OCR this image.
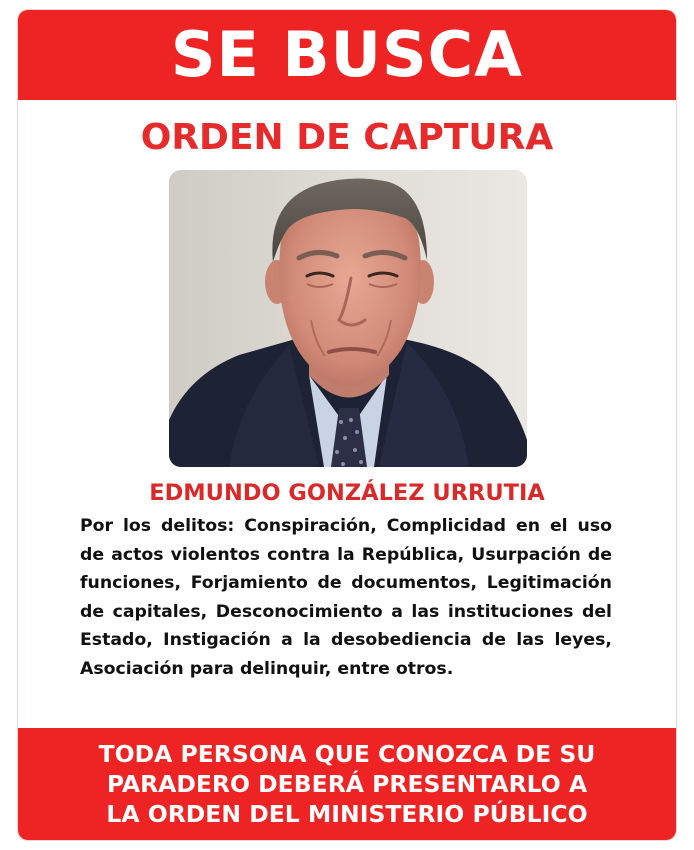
SE BUSCA
ORDEN DE CAPTURA
EDMUNDO GONZÁLEZ URRUTIA
Por los delitos: Conspiración, Complicidad en el uso de actos violentos contra la República, Usurpación de funciones, Forjamiento de documentos, Legitimación de capitales, Desconocimiento a las instituciones del Estado, Instigación a la desobediencia de las leyes, Asociación para delinquir, entre otros.
TODA PERSONA QUE CONOZCA DE SU
PARADERO DEBERÁ PRESENTARLO A
LA ORDEN DEL MINISTERIO PÚBLICO
